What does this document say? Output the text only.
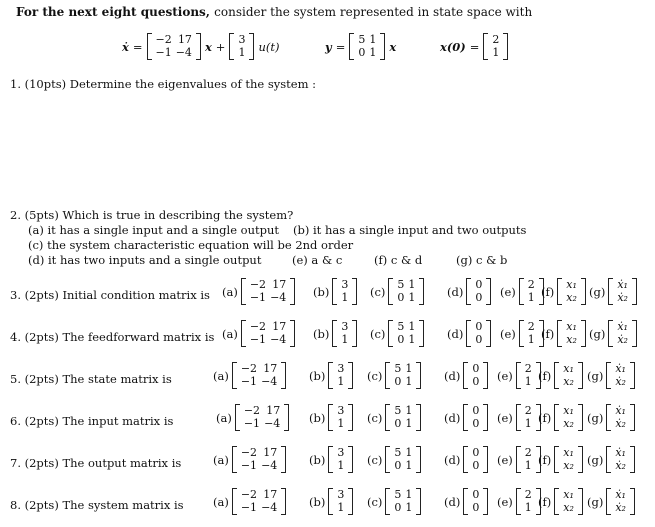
For the next eight questions, consider the system represented in state space with
ẋ = −2 17
−1 −4 x + 3
1 u(t)	y = 5 1
0 1 x	x(0) = 2
1
1. (10pts) Determine the eigenvalues of the system :
2. (5pts) Which is true in describing the system?
(a) it has a single input and a single output (b) it has a single input and two outputs
(c) the system characteristic equation will be 2nd order
(d) it has two inputs and a single output	(e) a & c	(f) c & d	(g) c & b
3. (2pts) Initial condition matrix is (a) −2 17
−1 −4 (b) 3
1 (c) 5 1
0 1	(d) 0
0 (e) 2
1 (f) x₁
x₂ (g) ẋ₁
ẋ₂
4. (2pts) The feedforward matrix is (a) −2 17
−1 −4 (b) 3
1 (c) 5 1
0 1	(d) 0
0 (e) 2
1 (f) x₁
x₂ (g) ẋ₁
ẋ₂
5. (2pts) The state matrix is	(a) −2 17
−1 −4	(b) 3
1 (c) 5 1
0 1	(d) 0
0 (e) 2
1 (f) x₁
x₂ (g) ẋ₁
ẋ₂
6. (2pts) The input matrix is	(a) −2 17
−1 −4 (b) 3
1 (c) 5 1
0 1	(d) 0
0 (e) 2
1 (f) x₁
x₂ (g) ẋ₁
ẋ₂
7. (2pts) The output matrix is	(a) −2 17
−1 −4	(b) 3
1 (c) 5 1
0 1	(d) 0
0 (e) 2
1 (f) x₁
x₂ (g) ẋ₁
ẋ₂
8. (2pts) The system matrix is	(a) −2 17
−1 −4	(b) 3
1 (c) 5 1
0 1	(d) 0
0 (e) 2
1 (f) x₁
x₂ (g) ẋ₁
ẋ₂
